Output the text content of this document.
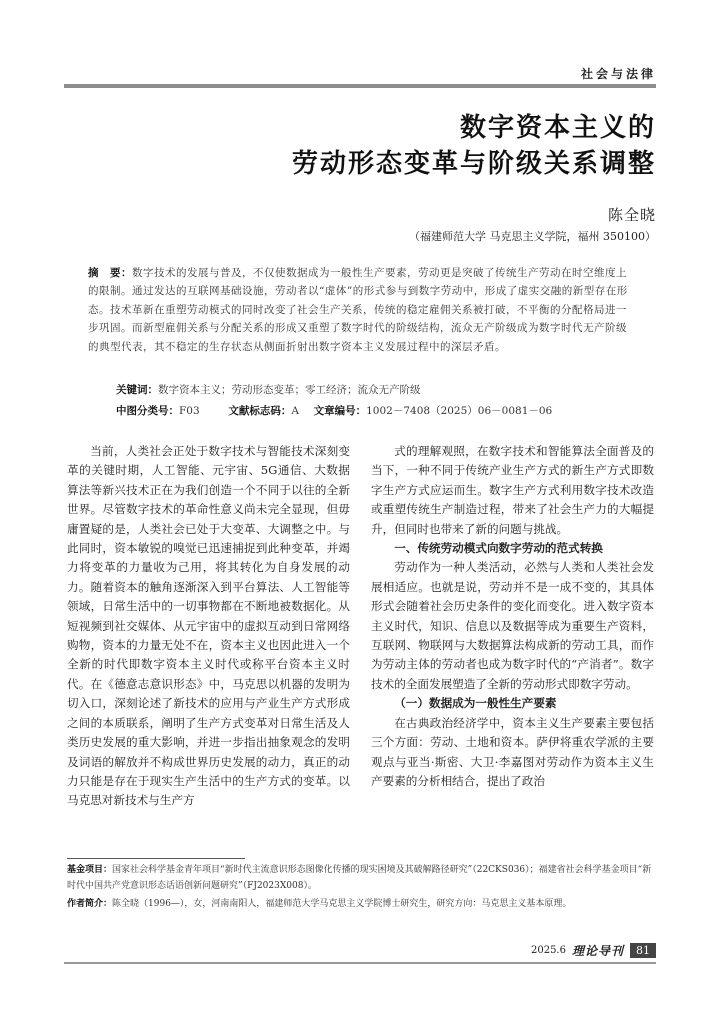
社会与法律
数字资本主义的
劳动形态变革与阶级关系调整
陈全晓
（福建师范大学 马克思主义学院，福州 350100）
摘　要：数字技术的发展与普及，不仅使数据成为一般性生产要素，劳动更是突破了传统生产劳动在时空维度上的限制。通过发达的互联网基础设施，劳动者以“虚体”的形式参与到数字劳动中，形成了虚实交融的新型存在形态。技术革新在重塑劳动模式的同时改变了社会生产关系，传统的稳定雇佣关系被打破，不平衡的分配格局进一步巩固。而新型雇佣关系与分配关系的形成又重塑了数字时代的阶级结构，流众无产阶级成为数字时代无产阶级的典型代表，其不稳定的生存状态从侧面折射出数字资本主义发展过程中的深层矛盾。
关键词：数字资本主义；劳动形态变革；零工经济；流众无产阶级
中图分类号：F03	文献标志码：A 文章编号：1002－7408（2025）06－0081－06

当前，人类社会正处于数字技术与智能技术深刻变革的关键时期，人工智能、元宇宙、5G通信、大数据算法等新兴技术正在为我们创造一个不同于以往的全新世界。尽管数字技术的革命性意义尚未完全显现，但毋庸置疑的是，人类社会已处于大变革、大调整之中。与此同时，资本敏锐的嗅觉已迅速捕捉到此种变革，并竭力将变革的力量收为己用，将其转化为自身发展的动力。随着资本的触角逐渐深入到平台算法、人工智能等领域，日常生活中的一切事物都在不断地被数据化。从短视频到社交媒体、从元宇宙中的虚拟互动到日常网络购物，资本的力量无处不在，资本主义也因此进入一个全新的时代即数字资本主义时代或称平台资本主义时代。在《德意志意识形态》中，马克思以机器的发明为切入口，深刻论述了新技术的应用与产业生产方式形成之间的本质联系，阐明了生产方式变革对日常生活及人类历史发展的重大影响，并进一步指出抽象观念的发明及词语的解放并不构成世界历史发展的动力，真正的动力只能是存在于现实生产生活中的生产方式的变革。以马克思对新技术与生产方

式的理解观照，在数字技术和智能算法全面普及的当下，一种不同于传统产业生产方式的新生产方式即数字生产方式应运而生。数字生产方式利用数字技术改造或重塑传统生产制造过程，带来了社会生产力的大幅提升，但同时也带来了新的问题与挑战。

一、传统劳动模式向数字劳动的范式转换

劳动作为一种人类活动，必然与人类和人类社会发展相适应。也就是说，劳动并不是一成不变的，其具体形式会随着社会历史条件的变化而变化。进入数字资本主义时代，知识、信息以及数据等成为重要生产资料，互联网、物联网与大数据算法构成新的劳动工具，而作为劳动主体的劳动者也成为数字时代的“产消者”。数字技术的全面发展塑造了全新的劳动形式即数字劳动。

（一）数据成为一般性生产要素

在古典政治经济学中，资本主义生产要素主要包括三个方面：劳动、土地和资本。萨伊将重农学派的主要观点与亚当·斯密、大卫·李嘉图对劳动作为资本主义生产要素的分析相结合，提出了政治

基金项目：国家社会科学基金青年项目“新时代主流意识形态图像化传播的现实困境及其破解路径研究”（22CKS036）；福建省社会科学基金项目“新时代中国共产党意识形态话语创新问题研究”（FJ2023X008）。
作者简介：陈全晓（1996—），女，河南南阳人，福建师范大学马克思主义学院博士研究生，研究方向：马克思主义基本原理。
2025.6 理论导刊	81
